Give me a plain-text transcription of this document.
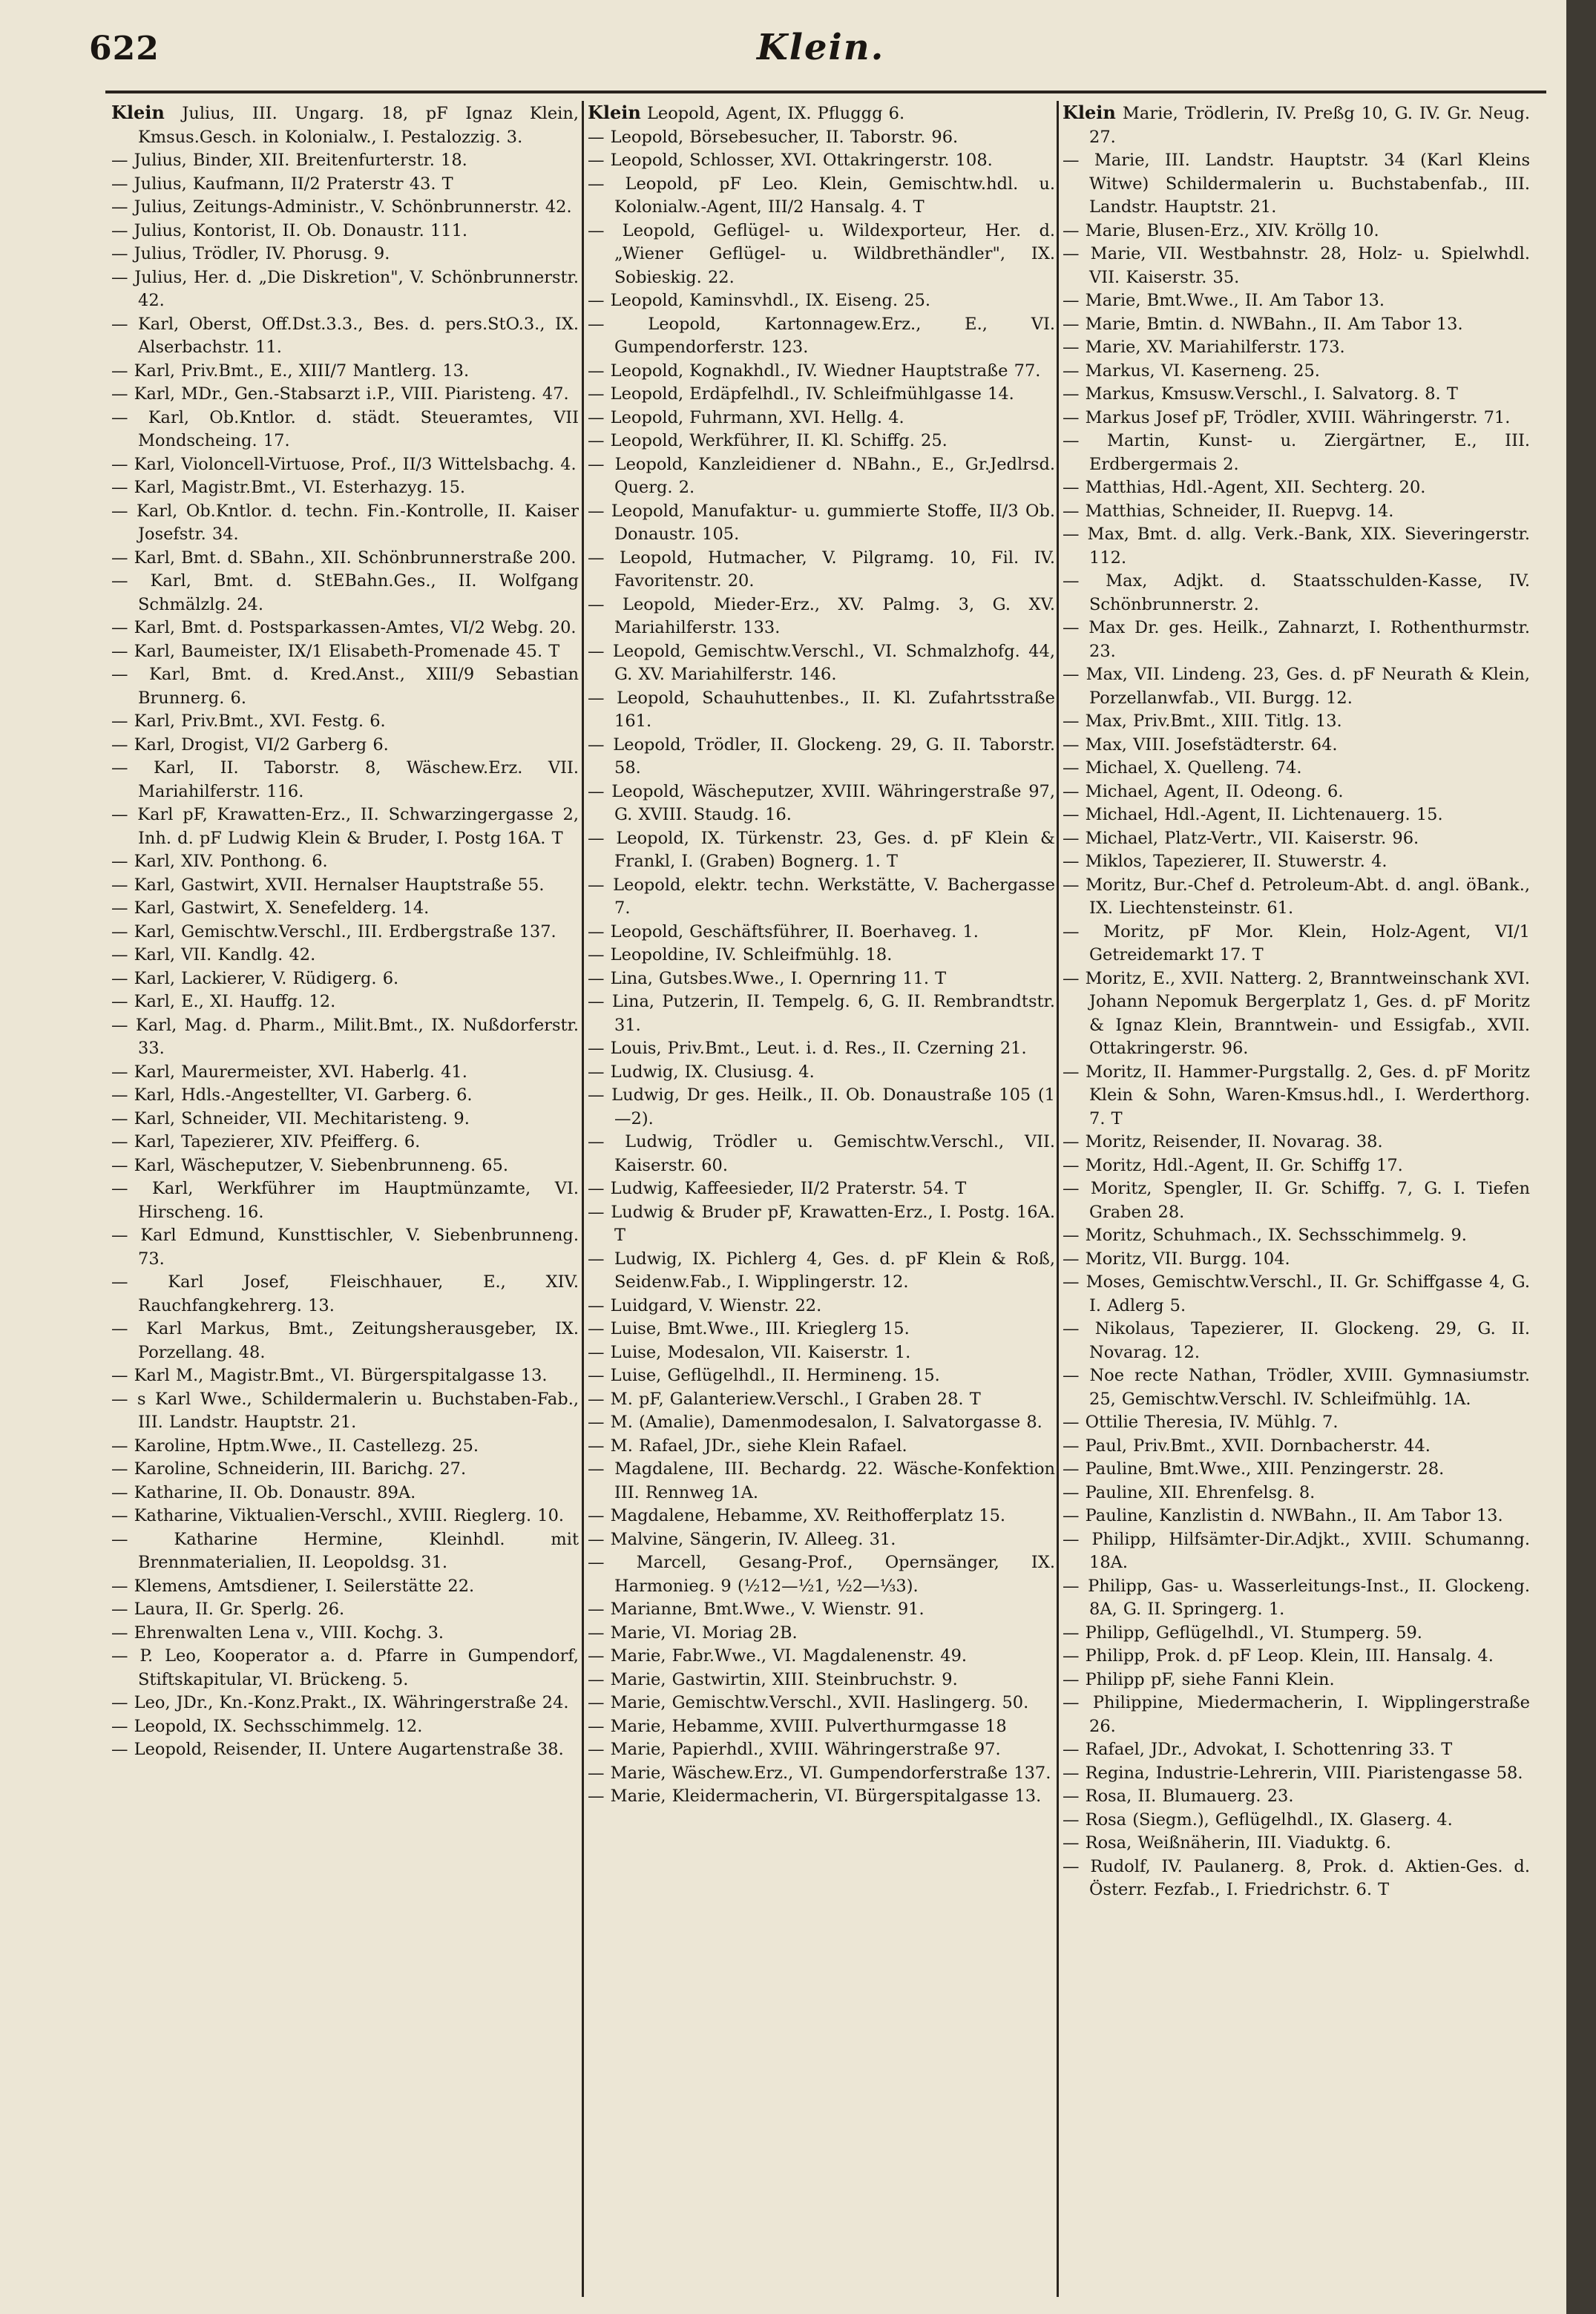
622	Klein.
Klein Julius, III. Ungarg. 18, pF Ignaz Klein, Kmsus.Gesch. in Kolonialw., I. Pestalozzig. 3.
— Julius, Binder, XII. Breitenfurterstr. 18.
— Julius, Kaufmann, II/2 Praterstr 43. T
— Julius, Zeitungs-Administr., V. Schönbrunnerstr. 42.
— Julius, Kontorist, II. Ob. Donaustr. 111.
— Julius, Trödler, IV. Phorusg. 9.
— Julius, Her. d. „Die Diskretion", V. Schönbrunnerstr. 42.
— Karl, Oberst, Off.Dst.3.3., Bes. d. pers.StO.3., IX. Alserbachstr. 11.
— Karl, Priv.Bmt., E., XIII/7 Mantlerg. 13.
— Karl, MDr., Gen.-Stabsarzt i.P., VIII. Piaristeng. 47.
— Karl, Ob.Kntlor. d. städt. Steueramtes, VII Mondscheing. 17.
— Karl, Violoncell-Virtuose, Prof., II/3 Wittelsbachg. 4.
— Karl, Magistr.Bmt., VI. Esterhazyg. 15.
— Karl, Ob.Kntlor. d. techn. Fin.-Kontrolle, II. Kaiser Josefstr. 34.
— Karl, Bmt. d. SBahn., XII. Schönbrunnerstraße 200.
— Karl, Bmt. d. StEBahn.Ges., II. Wolfgang Schmälzlg. 24.
— Karl, Bmt. d. Postsparkassen-Amtes, VI/2 Webg. 20.
— Karl, Baumeister, IX/1 Elisabeth-Promenade 45. T
— Karl, Bmt. d. Kred.Anst., XIII/9 Sebastian Brunnerg. 6.
— Karl, Priv.Bmt., XVI. Festg. 6.
— Karl, Drogist, VI/2 Garberg 6.
— Karl, II. Taborstr. 8, Wäschew.Erz. VII. Mariahilferstr. 116.
— Karl pF, Krawatten-Erz., II. Schwarzingergasse 2, Inh. d. pF Ludwig Klein & Bruder, I. Postg 16A. T
— Karl, XIV. Ponthong. 6.
— Karl, Gastwirt, XVII. Hernalser Hauptstraße 55.
— Karl, Gastwirt, X. Senefelderg. 14.
— Karl, Gemischtw.Verschl., III. Erdbergstraße 137.
— Karl, VII. Kandlg. 42.
— Karl, Lackierer, V. Rüdigerg. 6.
— Karl, E., XI. Hauffg. 12.
— Karl, Mag. d. Pharm., Milit.Bmt., IX. Nußdorferstr. 33.
— Karl, Maurermeister, XVI. Haberlg. 41.
— Karl, Hdls.-Angestellter, VI. Garberg. 6.
— Karl, Schneider, VII. Mechitaristeng. 9.
— Karl, Tapezierer, XIV. Pfeifferg. 6.
— Karl, Wäscheputzer, V. Siebenbrunneng. 65.
— Karl, Werkführer im Hauptmünzamte, VI. Hirscheng. 16.
— Karl Edmund, Kunsttischler, V. Siebenbrunneng. 73.
— Karl Josef, Fleischhauer, E., XIV. Rauchfangkehrerg. 13.
— Karl Markus, Bmt., Zeitungsherausgeber, IX. Porzellang. 48.
— Karl M., Magistr.Bmt., VI. Bürgerspitalgasse 13.
— s Karl Wwe., Schildermalerin u. Buchstaben-Fab., III. Landstr. Hauptstr. 21.
— Karoline, Hptm.Wwe., II. Castellezg. 25.
— Karoline, Schneiderin, III. Barichg. 27.
— Katharine, II. Ob. Donaustr. 89A.
— Katharine, Viktualien-Verschl., XVIII. Rieglerg. 10.
— Katharine Hermine, Kleinhdl. mit Brennmaterialien, II. Leopoldsg. 31.
— Klemens, Amtsdiener, I. Seilerstätte 22.
— Laura, II. Gr. Sperlg. 26.
— Ehrenwalten Lena v., VIII. Kochg. 3.
— P. Leo, Kooperator a. d. Pfarre in Gumpendorf, Stiftskapitular, VI. Brückeng. 5.
— Leo, JDr., Kn.-Konz.Prakt., IX. Währingerstraße 24.
— Leopold, IX. Sechsschimmelg. 12.
— Leopold, Reisender, II. Untere Augartenstraße 38.
Klein Leopold, Agent, IX. Pfluggg 6.
— Leopold, Börsebesucher, II. Taborstr. 96.
— Leopold, Schlosser, XVI. Ottakringerstr. 108.
— Leopold, pF Leo. Klein, Gemischtw.hdl. u. Kolonialw.-Agent, III/2 Hansalg. 4. T
— Leopold, Geflügel- u. Wildexporteur, Her. d. „Wiener Geflügel- u. Wildbrethändler", IX. Sobieskig. 22.
— Leopold, Kaminsvhdl., IX. Eiseng. 25.
— Leopold, Kartonnagew.Erz., E., VI. Gumpendorferstr. 123.
— Leopold, Kognakhdl., IV. Wiedner Hauptstraße 77.
— Leopold, Erdäpfelhdl., IV. Schleifmühlgasse 14.
— Leopold, Fuhrmann, XVI. Hellg. 4.
— Leopold, Werkführer, II. Kl. Schiffg. 25.
— Leopold, Kanzleidiener d. NBahn., E., Gr.Jedlrsd. Querg. 2.
— Leopold, Manufaktur- u. gummierte Stoffe, II/3 Ob. Donaustr. 105.
— Leopold, Hutmacher, V. Pilgramg. 10, Fil. IV. Favoritenstr. 20.
— Leopold, Mieder-Erz., XV. Palmg. 3, G. XV. Mariahilferstr. 133.
— Leopold, Gemischtw.Verschl., VI. Schmalzhofg. 44, G. XV. Mariahilferstr. 146.
— Leopold, Schauhuttenbes., II. Kl. Zufahrtsstraße 161.
— Leopold, Trödler, II. Glockeng. 29, G. II. Taborstr. 58.
— Leopold, Wäscheputzer, XVIII. Währingerstraße 97, G. XVIII. Staudg. 16.
— Leopold, IX. Türkenstr. 23, Ges. d. pF Klein & Frankl, I. (Graben) Bognerg. 1. T
— Leopold, elektr. techn. Werkstätte, V. Bachergasse 7.
— Leopold, Geschäftsführer, II. Boerhaveg. 1.
— Leopoldine, IV. Schleifmühlg. 18.
— Lina, Gutsbes.Wwe., I. Opernring 11. T
— Lina, Putzerin, II. Tempelg. 6, G. II. Rembrandtstr. 31.
— Louis, Priv.Bmt., Leut. i. d. Res., II. Czerning 21.
— Ludwig, IX. Clusiusg. 4.
— Ludwig, Dr ges. Heilk., II. Ob. Donaustraße 105 (1—2).
— Ludwig, Trödler u. Gemischtw.Verschl., VII. Kaiserstr. 60.
— Ludwig, Kaffeesieder, II/2 Praterstr. 54. T
— Ludwig & Bruder pF, Krawatten-Erz., I. Postg. 16A. T
— Ludwig, IX. Pichlerg 4, Ges. d. pF Klein & Roß, Seidenw.Fab., I. Wipplingerstr. 12.
— Luidgard, V. Wienstr. 22.
— Luise, Bmt.Wwe., III. Krieglerg 15.
— Luise, Modesalon, VII. Kaiserstr. 1.
— Luise, Geflügelhdl., II. Hermineng. 15.
— M. pF, Galanteriew.Verschl., I Graben 28. T
— M. (Amalie), Damenmodesalon, I. Salvatorgasse 8.
— M. Rafael, JDr., siehe Klein Rafael.
— Magdalene, III. Bechardg. 22. Wäsche-Konfektion III. Rennweg 1A.
— Magdalene, Hebamme, XV. Reithofferplatz 15.
— Malvine, Sängerin, IV. Alleeg. 31.
— Marcell, Gesang-Prof., Opernsänger, IX. Harmonieg. 9 (½12—½1, ½2—⅓3).
— Marianne, Bmt.Wwe., V. Wienstr. 91.
— Marie, VI. Moriag 2B.
— Marie, Fabr.Wwe., VI. Magdalenenstr. 49.
— Marie, Gastwirtin, XIII. Steinbruchstr. 9.
— Marie, Gemischtw.Verschl., XVII. Haslingerg. 50.
— Marie, Hebamme, XVIII. Pulverthurmgasse 18
— Marie, Papierhdl., XVIII. Währingerstraße 97.
— Marie, Wäschew.Erz., VI. Gumpendorferstraße 137.
— Marie, Kleidermacherin, VI. Bürgerspitalgasse 13.
Klein Marie, Trödlerin, IV. Preßg 10, G. IV. Gr. Neug. 27.
— Marie, III. Landstr. Hauptstr. 34 (Karl Kleins Witwe) Schildermalerin u. Buchstabenfab., III. Landstr. Hauptstr. 21.
— Marie, Blusen-Erz., XIV. Kröllg 10.
— Marie, VII. Westbahnstr. 28, Holz- u. Spielwhdl. VII. Kaiserstr. 35.
— Marie, Bmt.Wwe., II. Am Tabor 13.
— Marie, Bmtin. d. NWBahn., II. Am Tabor 13.
— Marie, XV. Mariahilferstr. 173.
— Markus, VI. Kaserneng. 25.
— Markus, Kmsusw.Verschl., I. Salvatorg. 8. T
— Markus Josef pF, Trödler, XVIII. Währingerstr. 71.
— Martin, Kunst- u. Ziergärtner, E., III. Erdbergermais 2.
— Matthias, Hdl.-Agent, XII. Sechterg. 20.
— Matthias, Schneider, II. Ruepvg. 14.
— Max, Bmt. d. allg. Verk.-Bank, XIX. Sieveringerstr. 112.
— Max, Adjkt. d. Staatsschulden-Kasse, IV. Schönbrunnerstr. 2.
— Max Dr. ges. Heilk., Zahnarzt, I. Rothenthurmstr. 23.
— Max, VII. Lindeng. 23, Ges. d. pF Neurath & Klein, Porzellanwfab., VII. Burgg. 12.
— Max, Priv.Bmt., XIII. Titlg. 13.
— Max, VIII. Josefstädterstr. 64.
— Michael, X. Quelleng. 74.
— Michael, Agent, II. Odeong. 6.
— Michael, Hdl.-Agent, II. Lichtenauerg. 15.
— Michael, Platz-Vertr., VII. Kaiserstr. 96.
— Miklos, Tapezierer, II. Stuwerstr. 4.
— Moritz, Bur.-Chef d. Petroleum-Abt. d. angl. öBank., IX. Liechtensteinstr. 61.
— Moritz, pF Mor. Klein, Holz-Agent, VI/1 Getreidemarkt 17. T
— Moritz, E., XVII. Natterg. 2, Branntweinschank XVI. Johann Nepomuk Bergerplatz 1, Ges. d. pF Moritz & Ignaz Klein, Branntwein- und Essigfab., XVII. Ottakringerstr. 96.
— Moritz, II. Hammer-Purgstallg. 2, Ges. d. pF Moritz Klein & Sohn, Waren-Kmsus.hdl., I. Werderthorg. 7. T
— Moritz, Reisender, II. Novarag. 38.
— Moritz, Hdl.-Agent, II. Gr. Schiffg 17.
— Moritz, Spengler, II. Gr. Schiffg. 7, G. I. Tiefen Graben 28.
— Moritz, Schuhmach., IX. Sechsschimmelg. 9.
— Moritz, VII. Burgg. 104.
— Moses, Gemischtw.Verschl., II. Gr. Schiffgasse 4, G. I. Adlerg 5.
— Nikolaus, Tapezierer, II. Glockeng. 29, G. II. Novarag. 12.
— Noe recte Nathan, Trödler, XVIII. Gymnasiumstr. 25, Gemischtw.Verschl. IV. Schleifmühlg. 1A.
— Ottilie Theresia, IV. Mühlg. 7.
— Paul, Priv.Bmt., XVII. Dornbacherstr. 44.
— Pauline, Bmt.Wwe., XIII. Penzingerstr. 28.
— Pauline, XII. Ehrenfelsg. 8.
— Pauline, Kanzlistin d. NWBahn., II. Am Tabor 13.
— Philipp, Hilfsämter-Dir.Adjkt., XVIII. Schumanng. 18A.
— Philipp, Gas- u. Wasserleitungs-Inst., II. Glockeng. 8A, G. II. Springerg. 1.
— Philipp, Geflügelhdl., VI. Stumperg. 59.
— Philipp, Prok. d. pF Leop. Klein, III. Hansalg. 4.
— Philipp pF, siehe Fanni Klein.
— Philippine, Miedermacherin, I. Wipplingerstraße 26.
— Rafael, JDr., Advokat, I. Schottenring 33. T
— Regina, Industrie-Lehrerin, VIII. Piaristengasse 58.
— Rosa, II. Blumauerg. 23.
— Rosa (Siegm.), Geflügelhdl., IX. Glaserg. 4.
— Rosa, Weißnäherin, III. Viaduktg. 6.
— Rudolf, IV. Paulanerg. 8, Prok. d. Aktien-Ges. d. Österr. Fezfab., I. Friedrichstr. 6. T
